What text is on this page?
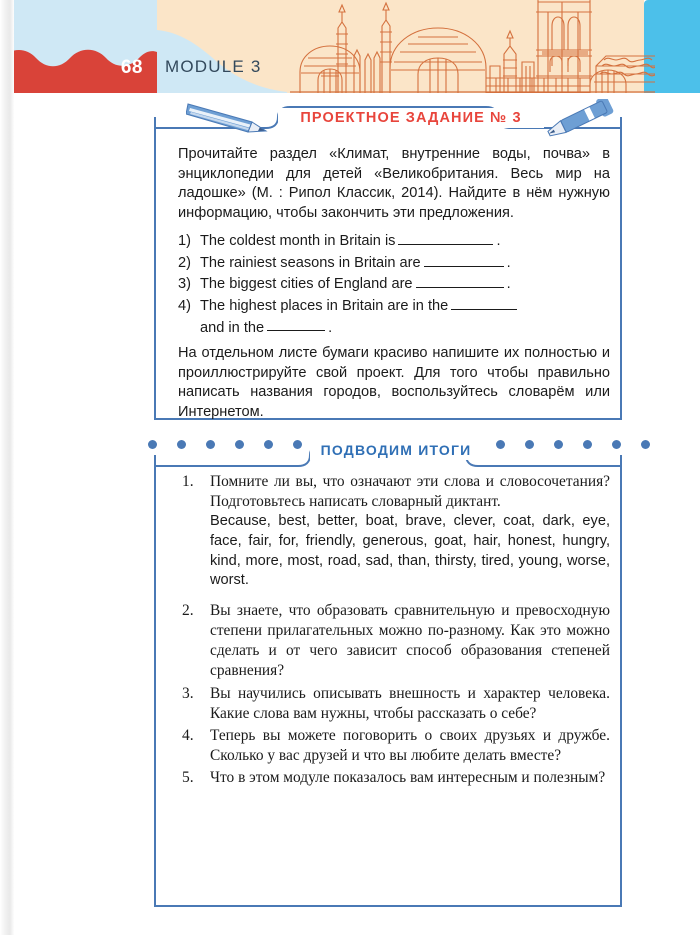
68 MODULE 3
ПРОЕКТНОЕ ЗАДАНИЕ № 3

Прочитайте раздел «Климат, внутренние воды, почва» в энциклопедии для детей «Великобритания. Весь мир на ладошке» (М. : Рипол Классик, 2014). Найдите в нём нужную информацию, чтобы закончить эти предложения.

1) The coldest month in Britain is	.
2) The rainiest seasons in Britain are	.
3) The biggest cities of England are	.
4) The highest places in Britain are in the
and in the	.

На отдельном листе бумаги красиво напишите их полностью и проиллюстрируйте свой проект. Для того чтобы правильно написать названия городов, воспользуйтесь словарём или Интернетом.

ПОДВОДИМ ИТОГИ
1.	Помните ли вы, что означают эти слова и словосочетания? Подготовьтесь написать словарный диктант.

Because, best, better, boat, brave, clever, coat, dark, eye, face, fair, for, friendly, generous, goat, hair, honest, hungry, kind, more, most, road, sad, than, thirsty, tired, young, worse, worst.

2.	Вы знаете, что образовать сравнительную и превосходную степени прилагательных можно по-разному. Как это можно сделать и от чего зависит способ образования степеней сравнения?

3.	Вы научились описывать внешность и характер человека. Какие слова вам нужны, чтобы рассказать о себе?

4.	Теперь вы можете поговорить о своих друзьях и дружбе. Сколько у вас друзей и что вы любите делать вместе?

5.	Что в этом модуле показалось вам интересным и полезным?
